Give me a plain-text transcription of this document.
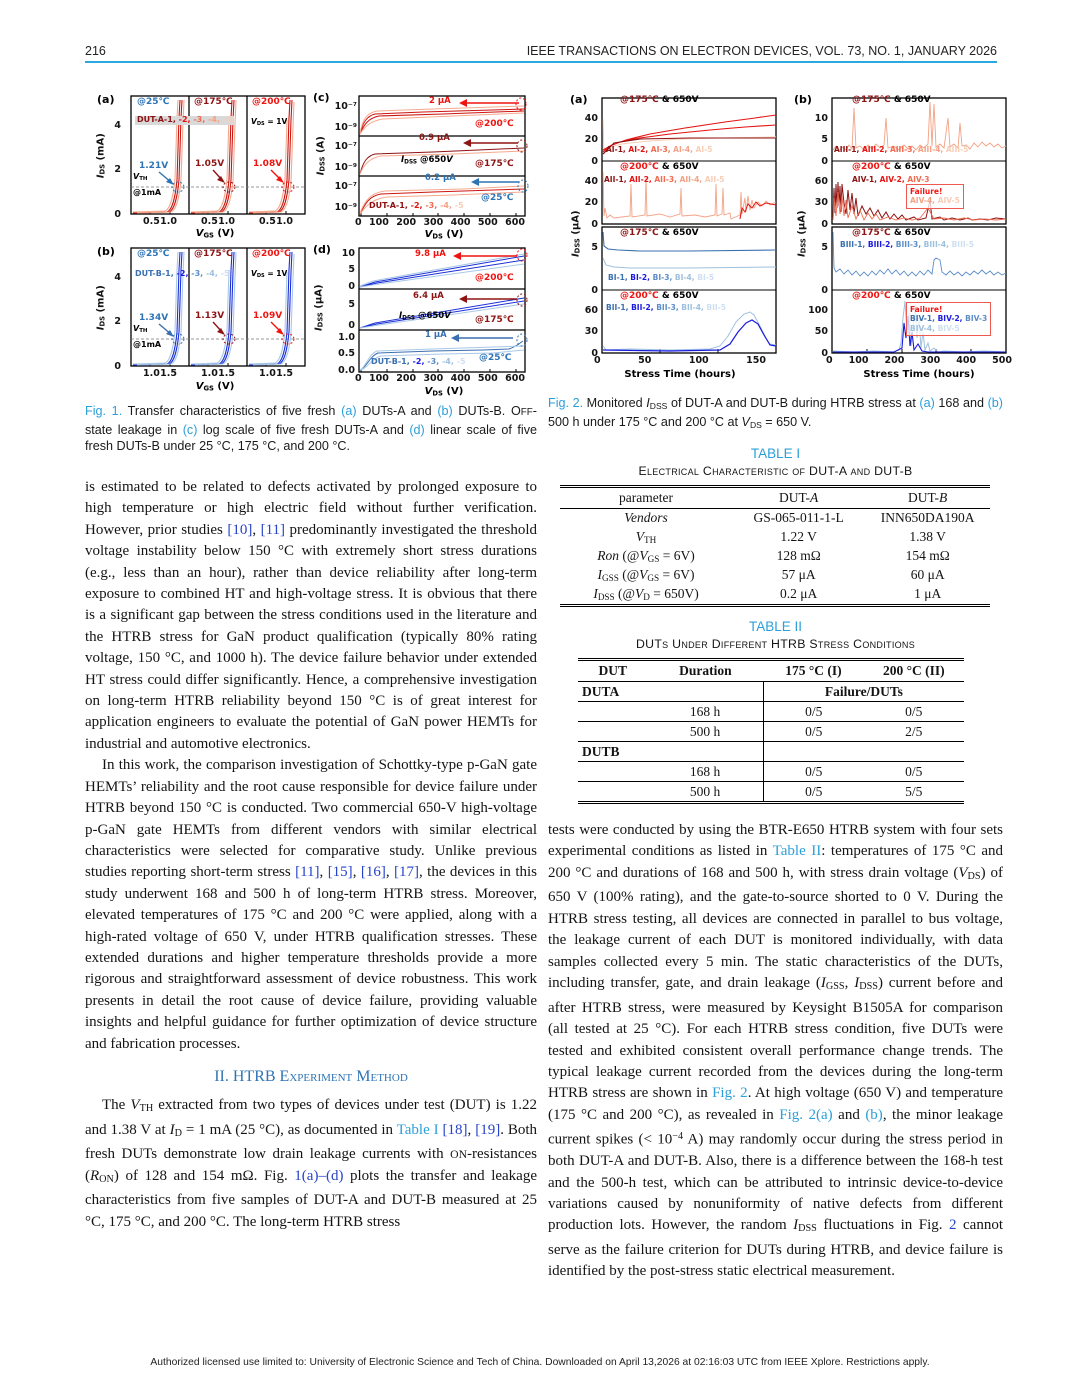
216	IEEE TRANSACTIONS ON ELECTRON DEVICES, VOL. 73, NO. 1, JANUARY 2026
(a)
$I_{DS}$ (mA)
4
2
0
@25℃	@175℃ @200℃
DUT-A-1, -2, -3, -4, -5	$V_{DS} = 1V$
1.21V	1.05V	1.08V
$V_{TH}$
@1mA
0.5 1.0	0.5 1.0	0.5 1.0
$V_{GS}$ (V)
(b)
$I_{DS}$ (mA)
4
2
0
@25℃	@175℃ @200℃
DUT-B-1, -2, -3, -4, -5	$V_{DS} = 1V$
1.34V	1.13V	1.09V
$V_{TH}$
@1mA
1.0 1.5	1.0 1.5	1.0 1.5
$V_{GS}$ (V)
(c)
$I_{DSS}$ (A)
10⁻⁷
10⁻⁹
10⁻⁷
10⁻⁹
10⁻⁷
10⁻⁹
2 μA
@200℃
0.9 μA
$I_{DSS}$ @650V @175℃
0.2 μA
@25℃
DUT-A-1, -2, -3, -4, -5
0 100 200 300 400 500 600
$V_{DS}$ (V)
(d)
$I_{DSS}$ (μA)
10
5
0
5
0
1.0
0.5
0.0
9.8 μA
@200℃
6.4 μA
$I_{DSS}$ @650V	@175℃
1 μA
@25℃
DUT-B-1, -2, -3, -4, -5
0 100 200 300 400 500 600
$V_{DS}$ (V)
Fig. 1. Transfer characteristics of five fresh (a) DUTs-A and (b) DUTs-B. OFF-state leakage in (c) log scale of five fresh DUTs-A and (d) linear scale of five fresh DUTs-B under 25 °C, 175 °C, and 200 °C.
(a)
$I_{DSS}$ (μA)
@175℃ & 650V
AI-1, AI-2, AI-3, AI-4, AI-5
@200℃ & 650V
AII-1, AII-2, AII-3, AII-4, AII-5
@175℃ & 650V
BI-1, BI-2, BI-3, BI-4, BI-5
@200℃ & 650V
BII-1, BII-2, BII-3, BII-4, BII-5
40
20
0
40
20
0
5
0
60
30
0
0	50	100	150
Stress Time (hours)
(b)
$I_{DSS}$ (μA)
@175℃ & 650V
AIII-1, AIII-2, AIII-3, AIII-4, AIII-5
@200℃ & 650V
AIV-1, AIV-2, AIV-3
Failure!
AIV-4, AIV-5
@175℃ & 650V
BIII-1, BIII-2, BIII-3, BIII-4, BIII-5
@200℃ & 650V
Failure!
BIV-1, BIV-2, BIV-3
BIV-4, BIV-5
10
5
0
60
30
0
5
0
100
50
0
0 100 200 300 400 500
Stress Time (hours)
is estimated to be related to defects activated by prolonged exposure to high temperature or high electric field without further verification. However, prior studies [10], [11] predominantly investigated the threshold voltage instability below 150 °C with extremely short stress durations (e.g., less than an hour), rather than device reliability after long-term exposure to combined HT and high-voltage stress. It is obvious that there is a significant gap between the stress conditions used in the literature and the HTRB stress for GaN product qualification (typically 80% rating voltage, 150 °C, and 1000 h). The device failure behavior under extended HT stress could differ significantly. Hence, a comprehensive investigation on long-term HTRB reliability beyond 150 °C is of great interest for application engineers to evaluate the potential of GaN power HEMTs for industrial and automotive electronics.
In this work, the comparison investigation of Schottky-type p-GaN gate HEMTs’ reliability and the root cause responsible for device failure under HTRB beyond 150 °C is conducted. Two commercial 650-V high-voltage p-GaN gate HEMTs from different vendors with similar electrical characteristics were selected for comparative study. Unlike previous studies reporting short-term stress [11], [15], [16], [17], the devices in this study underwent 168 and 500 h of long-term HTRB stress. Moreover, elevated temperatures of 175 °C and 200 °C were applied, along with a high-rated voltage of 650 V, under HTRB qualification stresses. These extended durations and higher temperature thresholds provide a more rigorous and straightforward assessment of device robustness. This work presents in detail the root cause of device failure, providing valuable insights and helpful guidance for further optimization of device structure and fabrication processes.
II. HTRB Experiment Method
The $V_{TH}$ extracted from two types of devices under test (DUT) is 1.22 and 1.38 V at $I_D = 1$ mA (25 °C), as documented in Table I [18], [19]. Both fresh DUTs demonstrate low drain leakage currents with ON-resistances $(R_{ON})$ of 128 and 154 mΩ. Fig. 1(a)–(d) plots the transfer and leakage characteristics from five samples of DUT-A and DUT-B measured at 25 °C, 175 °C, and 200 °C. The long-term HTRB stress
Fig. 2. Monitored $I_{DSS}$ of DUT-A and DUT-B during HTRB stress at (a) 168 and (b) 500 h under 175 °C and 200 °C at $V_{DS} = 650$ V.
TABLE I
Electrical Characteristic of DUT-A and DUT-B
parameter	DUT-A	DUT-B
Vendors	GS-065-011-1-L	INN650DA190A
$V_{TH}$	1.22 V	1.38 V
Ron $(@V_{GS} = 6V)$	128 mΩ	154 mΩ
$I_{GSS}$ $(@V_{GS} = 6V)$	57 μA	60 μA
$I_{DSS}$ $(@V_D = 650V)$	0.2 μA	1 μA
TABLE II
DUTs Under Different HTRB Stress Conditions
DUT	Duration	175 °C (I)	200 °C (II)
DUTA		Failure/DUTs	
	168 h	0/5	0/5
	500 h	0/5	2/5
DUTB			
	168 h	0/5	0/5
	500 h	0/5	5/5
tests were conducted by using the BTR-E650 HTRB system with four sets experimental conditions as listed in Table II: temperatures of 175 °C and 200 °C and durations of 168 and 500 h, with stress drain voltage $(V_{DS})$ of 650 V (100% rating), and the gate-to-source shorted to 0 V. During the HTRB stress testing, all devices are connected in parallel to bus voltage, the leakage current of each DUT is monitored individually, with data samples collected every 5 min. The static characteristics of the DUTs, including transfer, gate, and drain leakage ($I_{GSS}$, $I_{DSS}$) current before and after HTRB stress, were measured by Keysight B1505A for comparison (all tested at 25 °C). For each HTRB stress condition, five DUTs were tested and exhibited consistent overall performance change trends. The typical leakage current recorded from the devices during the long-term HTRB stress are shown in Fig. 2. At high voltage (650 V) and temperature (175 °C and 200 °C), as revealed in Fig. 2(a) and (b), the minor leakage current spikes (< $10^{-4}$ A) may randomly occur during the stress period in both DUT-A and DUT-B. Also, there is a difference between the 168-h test and the 500-h test, which can be attributed to intrinsic device-to-device variations caused by nonuniformity of native defects from different production lots. However, the random $I_{DSS}$ fluctuations in Fig. 2 cannot serve as the failure criterion for DUTs during HTRB, and device failure is identified by the post-stress static electrical measurement.
Authorized licensed use limited to: University of Electronic Science and Tech of China. Downloaded on April 13,2026 at 02:16:03 UTC from IEEE Xplore. Restrictions apply.
